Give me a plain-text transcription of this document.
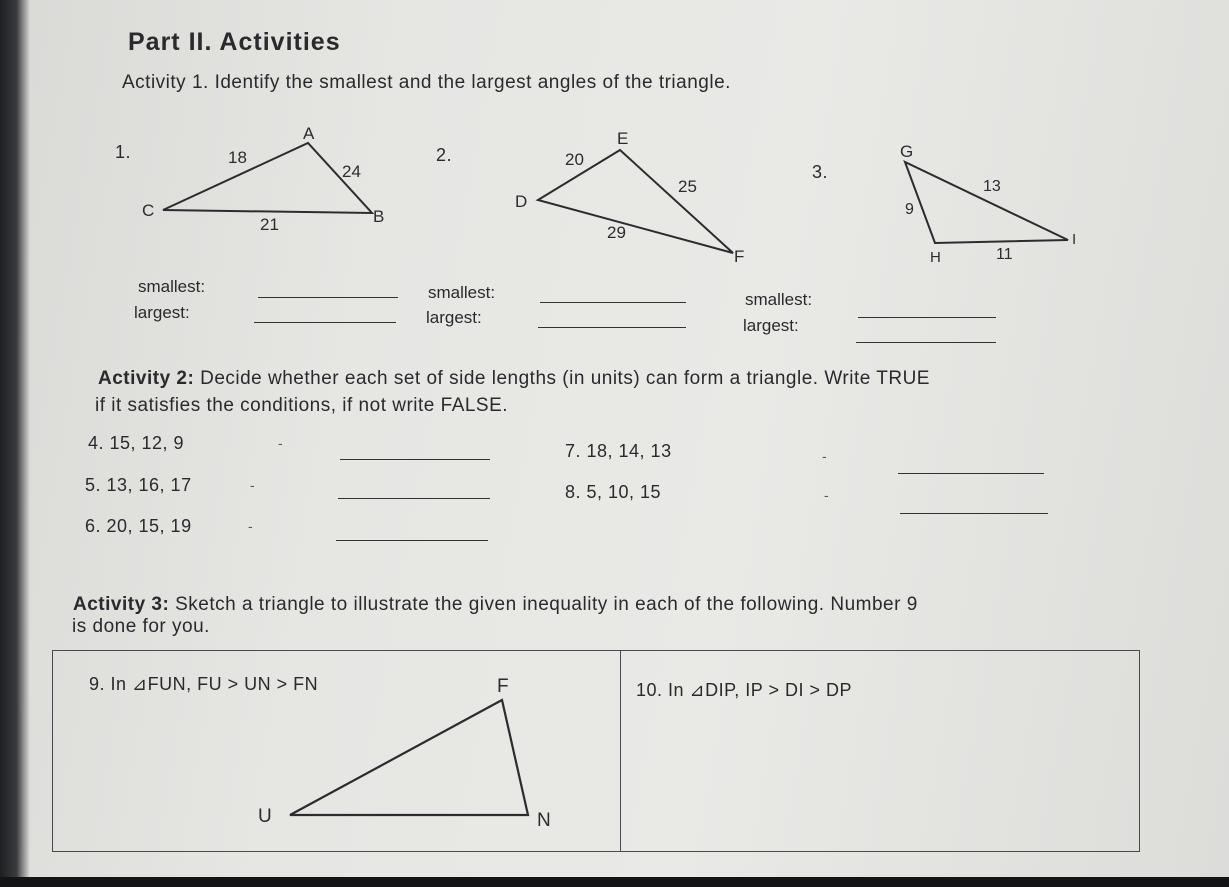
Part II. Activities
Activity 1. Identify the smallest and the largest angles of the triangle.
1.	2.
3.
A
B
C
18
24
21
E
D
F
20
25
29
G
H
I
13
9
11
F
U	N
smallest:
largest:
smallest:
largest:
smallest:
largest:
Activity 2: Decide whether each set of side lengths (in units) can form a triangle. Write TRUE
if it satisfies the conditions, if not write FALSE.
4. 15, 12, 9	-
5. 13, 16, 17	-
6. 20, 15, 19	-
7. 18, 14, 13	-
8. 5, 10, 15	-
Activity 3: Sketch a triangle to illustrate the given inequality in each of the following. Number 9
is done for you.
9. In ⊿FUN, FU > UN > FN	10. In ⊿DIP, IP > DI > DP
